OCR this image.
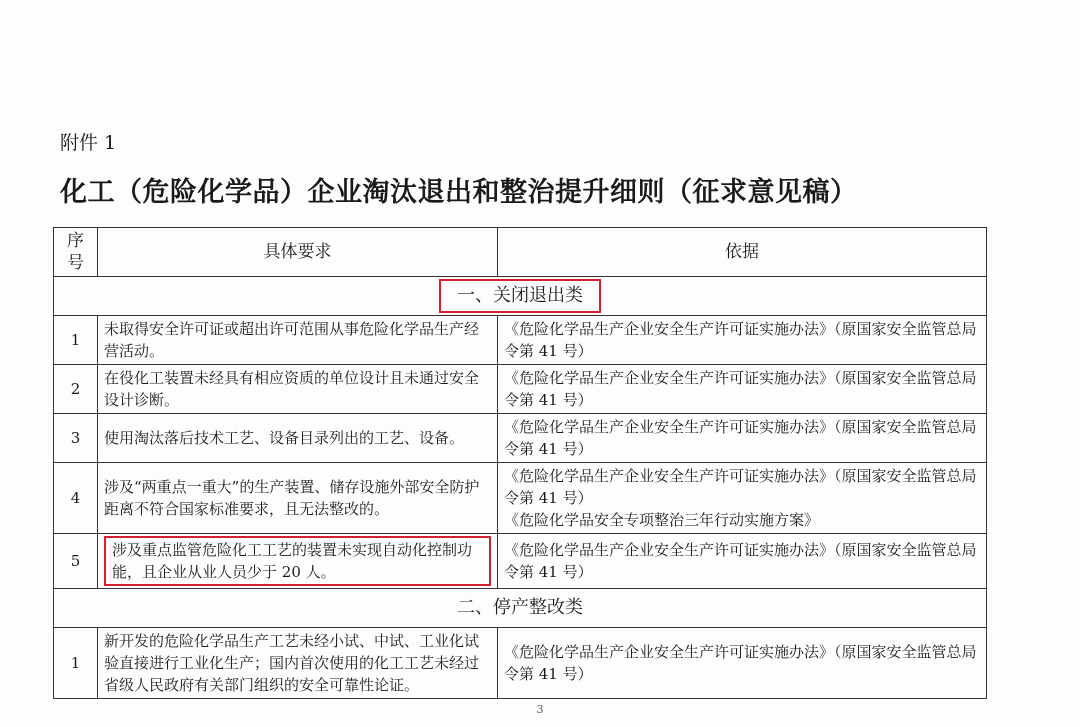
附件 1
化工（危险化学品）企业淘汰退出和整治提升细则（征求意见稿）
序号	具体要求	依据
一、关闭退出类		
1	未取得安全许可证或超出许可范围从事危险化学品生产经营活动。	《危险化学品生产企业安全生产许可证实施办法》（原国家安全监管总局令第 41 号）
2	在役化工装置未经具有相应资质的单位设计且未通过安全设计诊断。	《危险化学品生产企业安全生产许可证实施办法》（原国家安全监管总局令第 41 号）
3	使用淘汰落后技术工艺、设备目录列出的工艺、设备。	《危险化学品生产企业安全生产许可证实施办法》（原国家安全监管总局令第 41 号）
4	涉及“两重点一重大”的生产装置、储存设施外部安全防护距离不符合国家标准要求，且无法整改的。	《危险化学品生产企业安全生产许可证实施办法》（原国家安全监管总局令第 41 号）
《危险化学品安全专项整治三年行动实施方案》

5	涉及重点监管危险化工工艺的装置未实现自动化控制功能，且企业从业人员少于 20 人。	《危险化学品生产企业安全生产许可证实施办法》（原国家安全监管总局令第 41 号）
二、停产整改类		
1	新开发的危险化学品生产工艺未经小试、中试、工业化试验直接进行工业化生产；国内首次使用的化工工艺未经过省级人民政府有关部门组织的安全可靠性论证。	《危险化学品生产企业安全生产许可证实施办法》（原国家安全监管总局令第 41 号）
3
